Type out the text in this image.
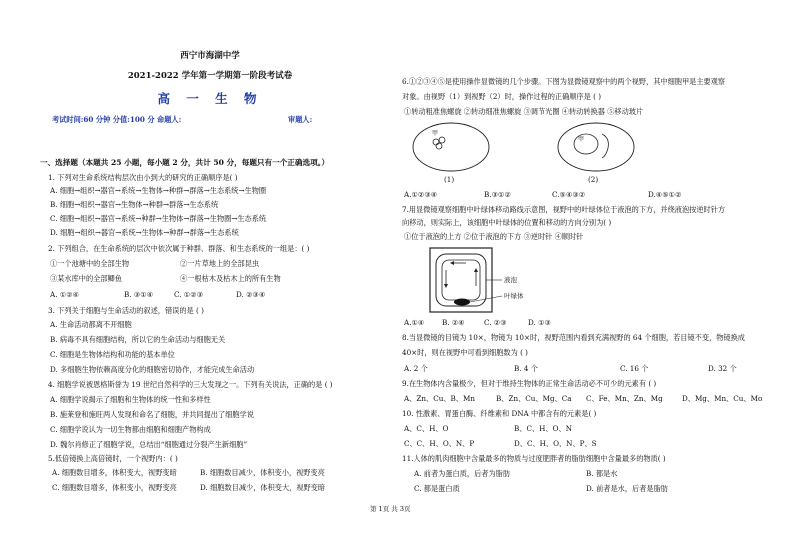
西宁市海湖中学
2021-2022 学年第一学期第一阶段考试卷
高 一 生 物
考试时间:60 分钟 分值:100 分 命题人:	审题人:
一、选择题（本题共 25 小题，每小题 2 分，共计 50 分，每题只有一个正确选项。）
1. 下列对生命系统结构层次由小到大的研究的正确顺序是( )
A. 细胞→组织→器官→系统→生物体→种群→群落→生态系统→生物圈
B. 细胞→组织→器官→生物体→种群→群落→生态系统
C. 细胞→组织→器官→系统→种群→生物体→群落→生物圈→生态系统
D. 细胞→组织→器官→系统→生物体→种群→群落→生态系统
2. 下列组合，在生命系统的层次中依次属于种群、群落、和生态系统的一组是：( )
①一个池塘中的全部生物	②一片草地上的全部昆虫
③某水库中的全部鲫鱼	④一根枯木及枯木上的所有生物
A. ①②④	B. ③①④	C. ①②③	D. ②③④
3. 下列关于细胞与生命活动的叙述，错误的是 ( )
A. 生命活动都离不开细胞
B. 病毒不具有细胞结构，所以它的生命活动与细胞无关
C. 细胞是生物体结构和功能的基本单位
D. 多细胞生物依赖高度分化的细胞密切协作，才能完成生命活动
4. 细胞学说被恩格斯誉为 19 世纪自然科学的三大发现之一。下列有关说法，正确的是 ( )
A. 细胞学说揭示了细胞和生物体的统一性和多样性
B. 施莱登和施旺两人发现和命名了细胞，并共同提出了细胞学说
C. 细胞学说认为一切生物都由细胞和细胞产物构成
D. 魏尔肖修正了细胞学说，总结出“细胞通过分裂产生新细胞”
5.低倍镜换上高倍镜时，一个视野内：( )
A. 细胞数目增多，体积变大，视野变暗	B. 细胞数目减少，体积变小，视野变亮
C. 细胞数目增多，体积变小，视野变亮	D. 细胞数目减少，体积变大，视野变暗
6.①②③④⑤是使用操作显微镜的几个步骤。下图为显微镜观察中的两个视野，其中细胞甲是主要观察
对象。由视野（1）到视野（2）时，操作过程的正确顺序是 ( )
①转动粗准焦螺旋 ②转动细准焦螺旋 ③调节光圈 ④转动转换器 ⑤移动玻片
甲
甲
(1)	(2)
A.①②③④	B.③①②	C.⑤④③②	D.④⑤①②
7.用显微镜观察细胞中叶绿体移动路线示意图，视野中的叶绿体位于液泡的下方，并绕液泡按逆时针方
向移动，则实际上，该细胞中叶绿体的位置和移动的方向分别为( )
①位于液泡的上方 ②位于液泡的下方 ③逆时针 ④顺时针
液泡
叶绿体
A.①④ B. ②④	C. ②③	D. ①③
8.当显微镜的目镜为 10×，物镜为 10×时，视野范围内看到充满视野的 64 个细胞，若目镜不变，物镜换成
40×时，则在视野中可看到细胞数为 ( )
A. 2 个	B. 4 个	C. 16 个	D. 32 个
9.在生物体内含量极少，但对于维持生物体的正常生命活动必不可少的元素有 ( )
A、Zn、Cu、B、Mn	B、Zn、Cu、Mg、Ca C、Fe、Mn、Zn、Mg	D、Mg、Mn、Cu、Mo
10. 性激素、胃蛋白酶、纤维素和 DNA 中都含有的元素是( )
A、C、H、O	B、C、H、O、N
C、C、H、O、N、P	D、C、H、O、N、P、S
11.人体的肌肉细胞中含量最多的物质与过度肥胖者的脂肪细胞中含量最多的物质( )
A. 前者为蛋白质，后者为脂肪	B. 都是水
C. 都是蛋白质	D. 前者是水，后者是脂肪
第 1页 共 3页
